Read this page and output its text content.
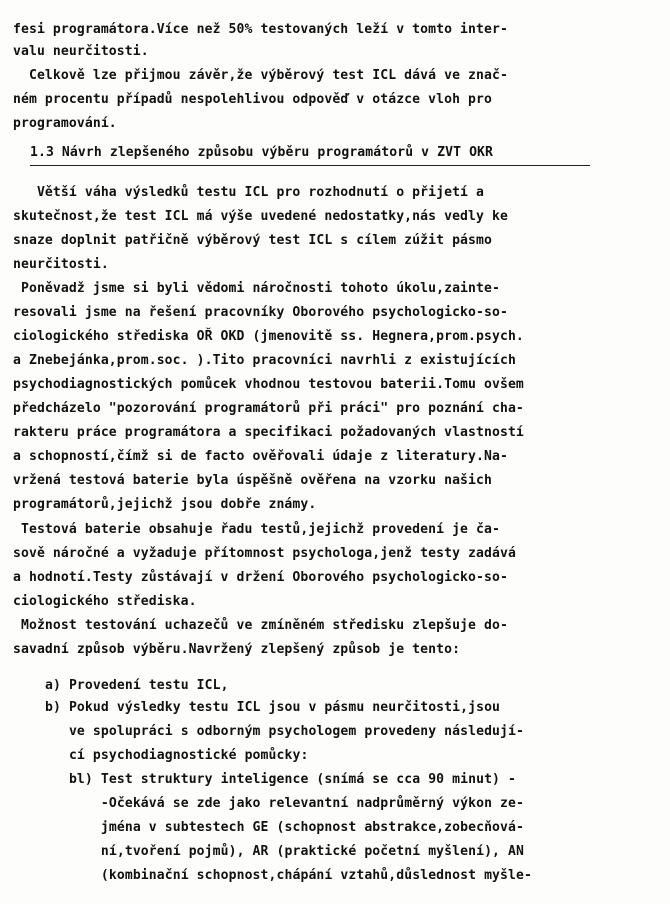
fesi programátora.Více než 50% testovaných leží v tomto inter-
valu neurčitosti.
Celkově lze přijmou závěr,že výběrový test ICL dává ve znač-
ném procentu případů nespolehlivou odpověď v otázce vloh pro
programování.
1.3 Návrh zlepšeného způsobu výběru programátorů v ZVT OKR
Větší váha výsledků testu ICL pro rozhodnutí o přijetí a
skutečnost,že test ICL má výše uvedené nedostatky,nás vedly ke
snaze doplnit patřičně výběrový test ICL s cílem zúžit pásmo
neurčitosti.
Poněvadž jsme si byli vědomi náročnosti tohoto úkolu,zainte-
resovali jsme na řešení pracovníky Oborového psychologicko-so-
ciologického střediska OŘ OKD (jmenovitě ss. Hegnera,prom.psych.
a Znebejánka,prom.soc. ).Tito pracovníci navrhli z existujících
psychodiagnostických pomůcek vhodnou testovou baterii.Tomu ovšem
předcházelo "pozorování programátorů při práci" pro poznání cha-
rakteru práce programátora a specifikaci požadovaných vlastností
a schopností,čímž si de facto ověřovali údaje z literatury.Na-
vržená testová baterie byla úspěšně ověřena na vzorku našich
programátorů,jejichž jsou dobře známy.
Testová baterie obsahuje řadu testů,jejichž provedení je ča-
sově náročné a vyžaduje přítomnost psychologa,jenž testy zadává
a hodnotí.Testy zůstávají v držení Oborového psychologicko-so-
ciologického střediska.
Možnost testování uchazečů ve zmíněném středisku zlepšuje do-
savadní způsob výběru.Navržený zlepšený způsob je tento:
a) Provedení testu ICL,
b) Pokud výsledky testu ICL jsou v pásmu neurčitosti,jsou
ve spolupráci s odborným psychologem provedeny následují-
cí psychodiagnostické pomůcky:
bl) Test struktury inteligence (snímá se cca 90 minut) -
-Očekává se zde jako relevantní nadprůměrný výkon ze-
jména v subtestech GE (schopnost abstrakce,zobecňová-
ní,tvoření pojmů), AR (praktické početní myšlení), AN
(kombinační schopnost,chápání vztahů,důslednost myšle-
